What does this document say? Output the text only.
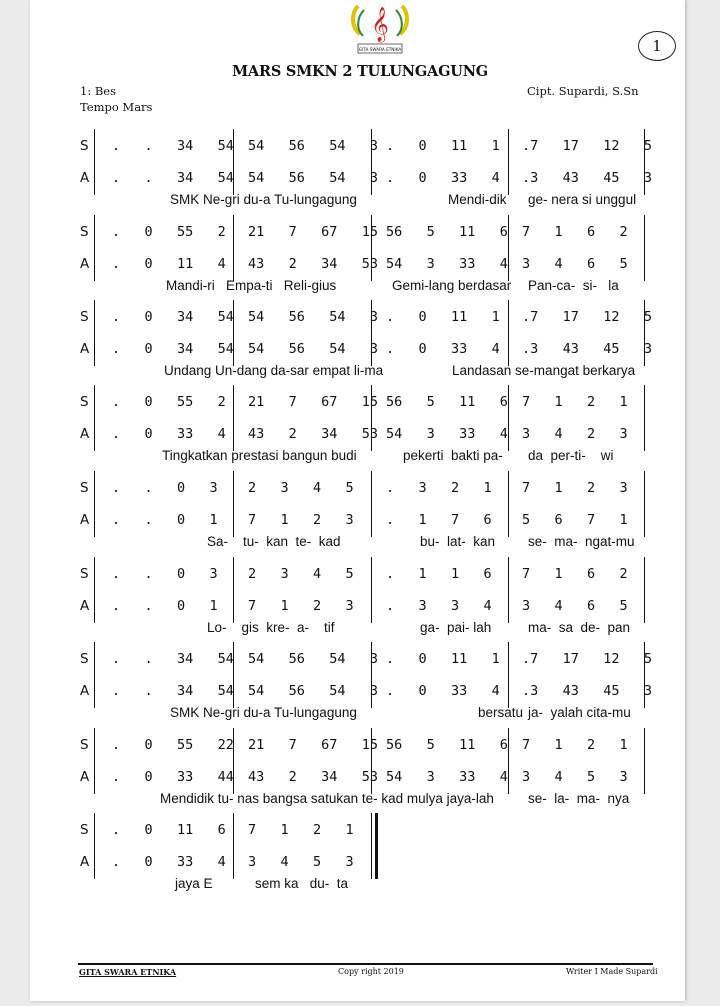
𝄞
GITA SWARA ETNIKA	1
MARS SMKN 2 TULUNGAGUNG
1: Bes
Tempo Mars
Cipt. Supardi, S.Sn
S
A
.   .   34   54 54   56   54   3 .   0   11   1 .7   17   12   5
.   .   34   54 54   56   54   3 .   0   33   4 .3   43   45   3
SMK Ne-gri du-a Tu-lungagung	Mendi-dik ge- nera si unggul
S
A
.   0   55   2 21   7   67   15 56   5   11   6 7   1   6   2
.   0   11   4 43   2   34   53 54   3   33   4 3   4   6   5
Mandi-ri   Empa-ti   Reli-gius	Gemi-lang berdasar Pan-ca-  si-   la
S
A
.   0   34   54 54   56   54   3 .   0   11   1 .7   17   12   5
.   0   34   54 54   56   54   3 .   0   33   4 .3   43   45   3
Undang Un-dang da-sar empat li-ma	Landasan se-mangat berkarya
S
A
.   0   55   2 21   7   67   15 56   5   11   6 7   1   2   1
.   0   33   4 43   2   34   53 54   3   33   4 3   4   2   3
Tingkatkan prestasi bangun budi	pekerti  bakti pa- da  per-ti-    wi
S
A
.   .   0   3 2   3   4   5 .   3   2   1 7   1   2   3
.   .   0   1 7   1   2   3 .   1   7   6 5   6   7   1
Sa-    tu-  kan  te-  kad	bu-  lat-  kan se-  ma-  ngat-mu
S
A
.   .   0   3 2   3   4   5 .   1   1   6 7   1   6   2
.   .   0   1 7   1   2   3 .   3   3   4 3   4   6   5
Lo-    gis  kre-  a-    tif	ga-  pai- lah	ma-  sa  de-  pan
S
A
.   .   34   54 54   56   54   3 .   0   11   1 .7   17   12   5
.   .   34   54 54   56   54   3 .   0   33   4 .3   43   45   3
SMK Ne-gri du-a Tu-lungagung	bersatu ja-  yalah cita-mu
S
A
.   0   55   22 21   7   67   15 56   5   11   6 7   1   2   1
.   0   33   44 43   2   34   53 54   3   33   4 3   4   5   3
Mendidik tu- nas bangsa satukan te- kad mulya jaya-lah	se-  la-  ma-  nya
S
A
.   0   11   6 7   1   2   1
.   0   33   4 3   4   5   3
jaya E	sem ka   du-  ta
GITA SWARA ETNIKA	Copy right 2019	Writer I Made Supardi
